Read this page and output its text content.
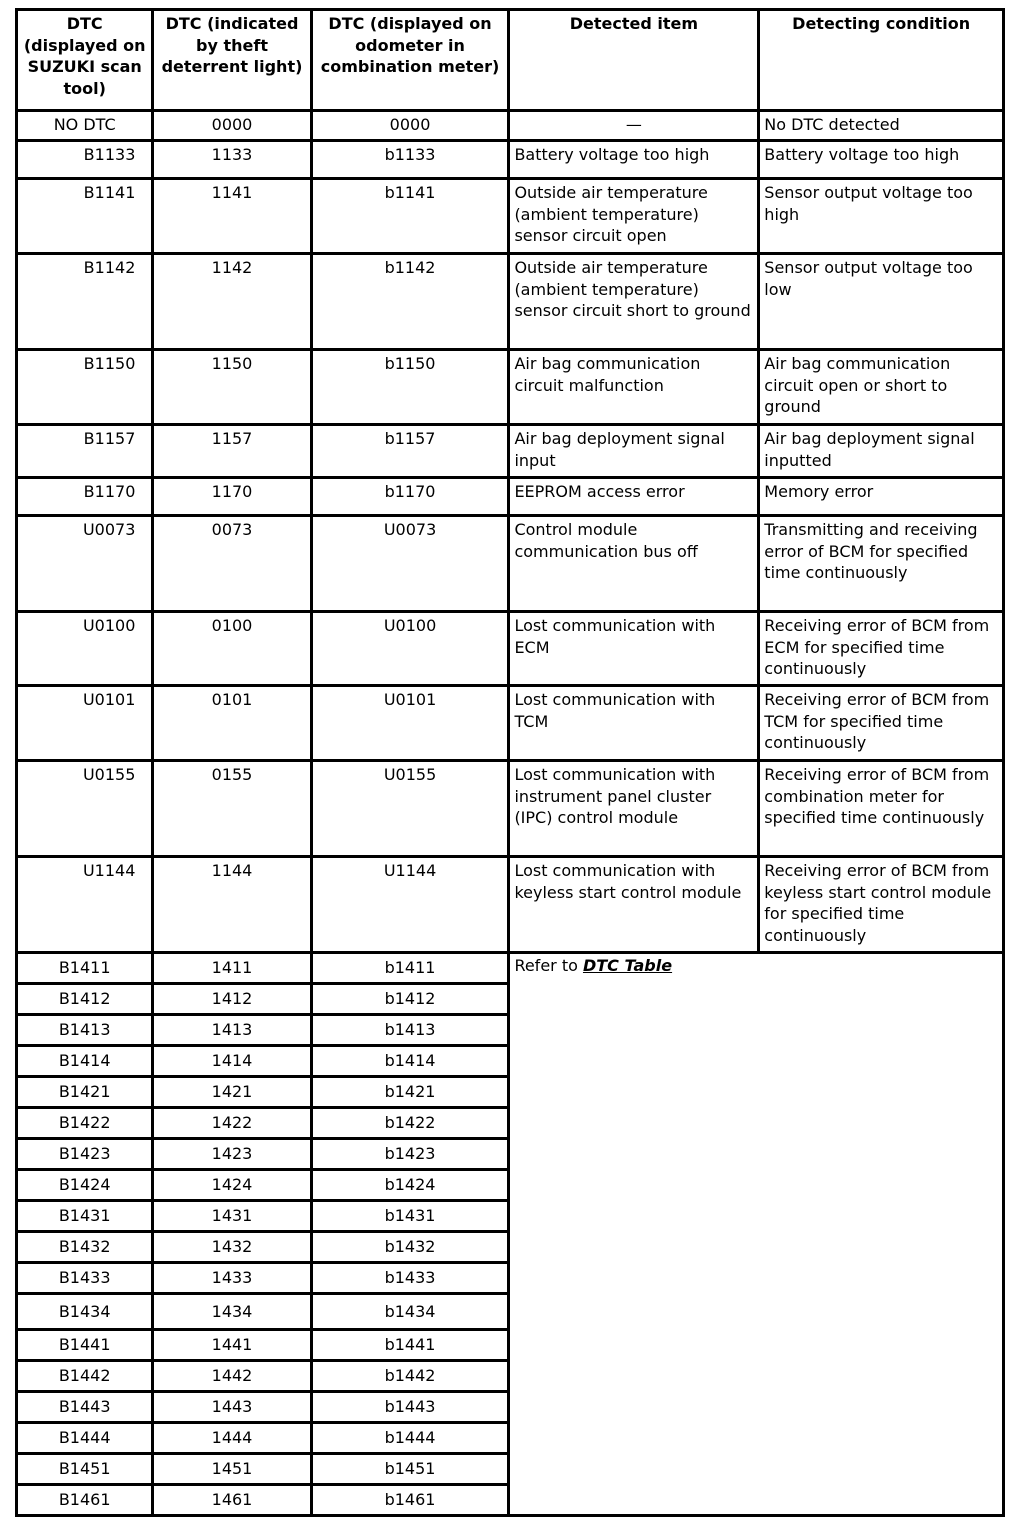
DTC (displayed on SUZUKI scan tool)	DTC (indicated by theft deterrent light)	DTC (displayed on odometer in combination meter)	Detected item	Detecting condition
NO DTC	0000	0000	—	No DTC detected
B1133	1133	b1133	Battery voltage too high	Battery voltage too high
B1141	1141	b1141	Outside air temperature (ambient temperature) sensor circuit open	Sensor output voltage too high
B1142	1142	b1142	Outside air temperature (ambient temperature) sensor circuit short to ground	Sensor output voltage too low
B1150	1150	b1150	Air bag communication circuit malfunction	Air bag communication circuit open or short to ground
B1157	1157	b1157	Air bag deployment signal input	Air bag deployment signal inputted
B1170	1170	b1170	EEPROM access error	Memory error
U0073	0073	U0073	Control module communication bus off	Transmitting and receiving error of BCM for specified time continuously
U0100	0100	U0100	Lost communication with ECM	Receiving error of BCM from ECM for specified time continuously
U0101	0101	U0101	Lost communication with TCM	Receiving error of BCM from TCM for specified time continuously
U0155	0155	U0155	Lost communication with instrument panel cluster (IPC) control module	Receiving error of BCM from combination meter for specified time continuously
U1144	1144	U1144	Lost communication with keyless start control module	Receiving error of BCM from keyless start control module for specified time continuously
B1411	1411	b1411	Refer to DTC Table	
B1412	1412	b1412		
B1413	1413	b1413		
B1414	1414	b1414		
B1421	1421	b1421		
B1422	1422	b1422		
B1423	1423	b1423		
B1424	1424	b1424		
B1431	1431	b1431		
B1432	1432	b1432		
B1433	1433	b1433		
B1434	1434	b1434		
B1441	1441	b1441		
B1442	1442	b1442		
B1443	1443	b1443		
B1444	1444	b1444		
B1451	1451	b1451		
B1461	1461	b1461		
